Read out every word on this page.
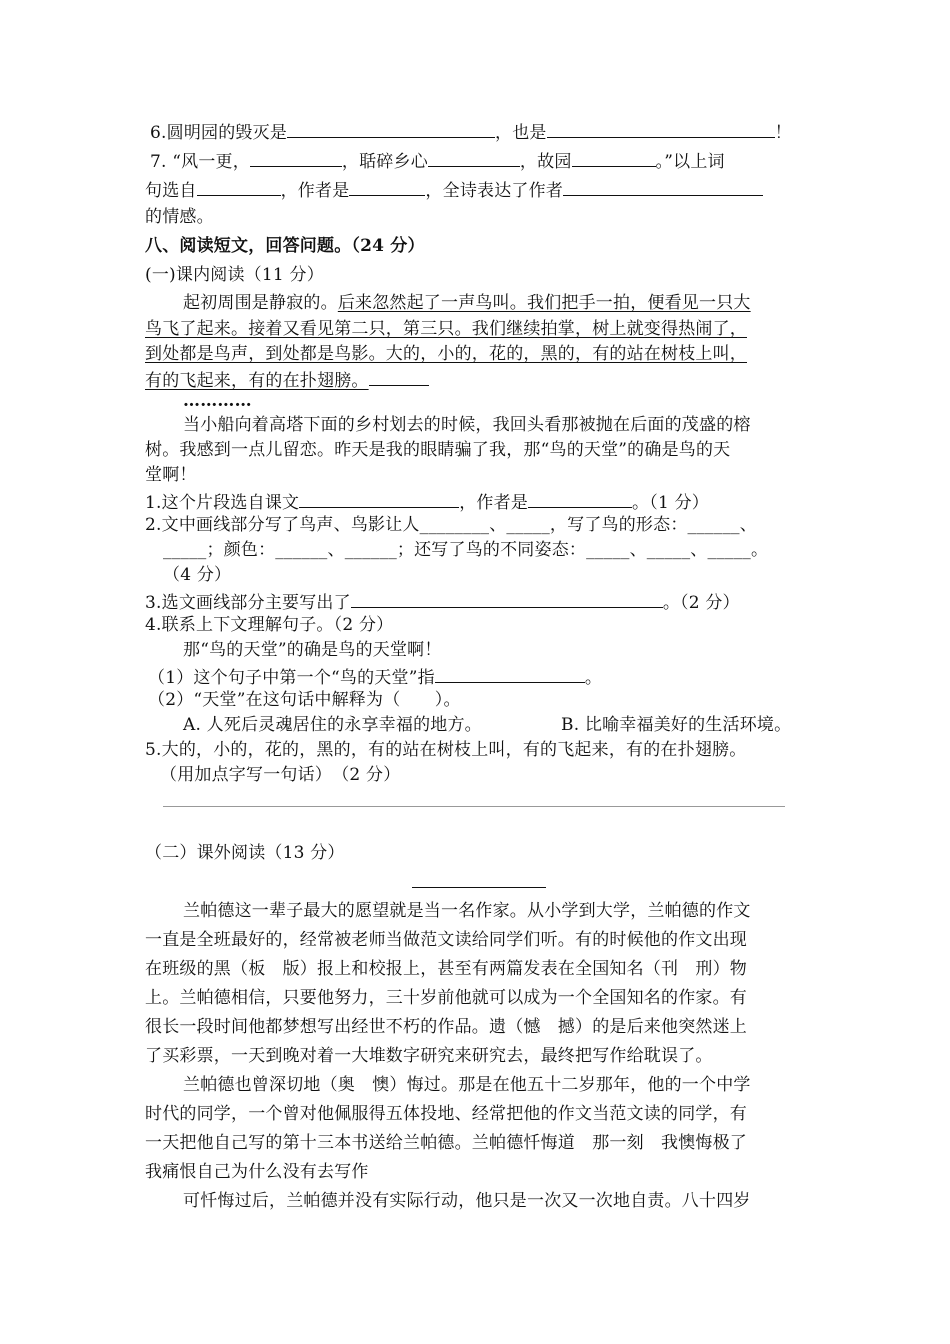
6.圆明园的毁灭是	，也是	！
7. “风一更，	，聒碎乡心	，故园	。”以上词
句选自	，作者是	，全诗表达了作者
的情感。
八、阅读短文，回答问题。（24 分）
(一)课内阅读（11 分）
起初周围是静寂的。后来忽然起了一声鸟叫。我们把手一拍，便看见一只大
鸟飞了起来。接着又看见第二只，第三只。我们继续拍掌，树上就变得热闹了，
到处都是鸟声，到处都是鸟影。大的，小的，花的，黑的，有的站在树枝上叫，
有的飞起来，有的在扑翅膀。
…………
当小船向着高塔下面的乡村划去的时候，我回头看那被抛在后面的茂盛的榕
树。我感到一点儿留恋。昨天是我的眼睛骗了我，那“鸟的天堂”的确是鸟的天
堂啊！
1.这个片段选自课文	，作者是	。（1 分）
2.文中画线部分写了鸟声、鸟影让人________、_____，写了鸟的形态：______、
_____；颜色：______、______；还写了鸟的不同姿态：_____、_____、_____。
（4 分）
3.选文画线部分主要写出了	。（2 分）
4.联系上下文理解句子。（2 分）
那“鸟的天堂”的确是鸟的天堂啊！
（1）这个句子中第一个“鸟的天堂”指	。
（2）“天堂”在这句话中解释为（　　）。
A. 人死后灵魂居住的永享幸福的地方。	B. 比喻幸福美好的生活环境。
5.大的，小的，花的，黑的，有的站在树枝上叫，有的飞起来，有的在扑翅膀。
（用加点字写一句话）　（2 分）
（二）课外阅读（13 分）
兰帕德这一辈子最大的愿望就是当一名作家。从小学到大学，兰帕德的作文
一直是全班最好的，经常被老师当做范文读给同学们听。有的时候他的作文出现
在班级的黑（板　版）报上和校报上，甚至有两篇发表在全国知名（刊　刑）物
上。兰帕德相信，只要他努力，三十岁前他就可以成为一个全国知名的作家。有
很长一段时间他都梦想写出经世不朽的作品。遗（憾　撼）的是后来他突然迷上
了买彩票，一天到晚对着一大堆数字研究来研究去，最终把写作给耽误了。
兰帕德也曾深切地（奥　懊）悔过。那是在他五十二岁那年，他的一个中学
时代的同学，一个曾对他佩服得五体投地、经常把他的作文当范文读的同学，有
一天把他自己写的第十三本书送给兰帕德。兰帕德忏悔道　那一刻　我懊悔极了
我痛恨自己为什么没有去写作
可忏悔过后，兰帕德并没有实际行动，他只是一次又一次地自责。八十四岁
